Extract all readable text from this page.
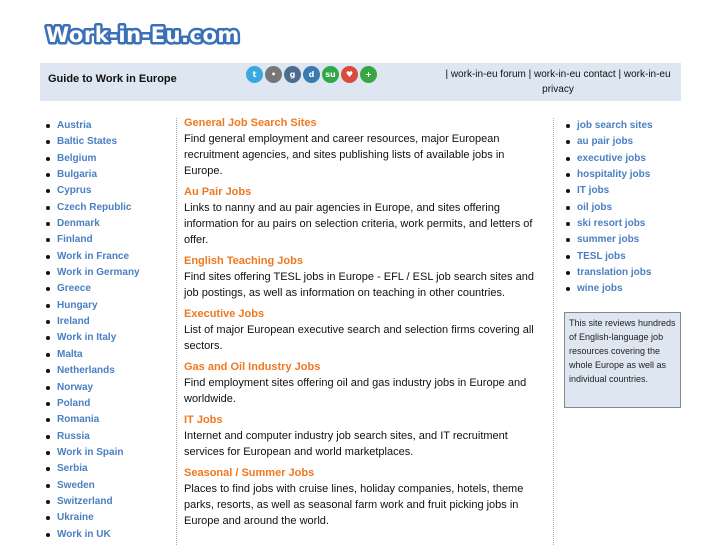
Work-in-Eu.com
Guide to Work in Europe	t	•	g	d	su	♥	+	| work-in-eu forum | work-in-eu contact | work-in-eu
privacy
Austria
Baltic States
Belgium
Bulgaria
Cyprus
Czech Republic
Denmark
Finland
Work in France
Work in Germany
Greece
Hungary
Ireland
Work in Italy
Malta
Netherlands
Norway
Poland
Romania
Russia
Work in Spain
Serbia
Sweden
Switzerland
Ukraine
Work in UK
General Job Search Sites

Find general employment and career resources, major European recruitment agencies, and sites publishing lists of available jobs in Europe.

Au Pair Jobs

Links to nanny and au pair agencies in Europe, and sites offering information for au pairs on selection criteria, work permits, and letters of offer.

English Teaching Jobs

Find sites offering TESL jobs in Europe - EFL / ESL job search sites and job postings, as well as information on teaching in other countries.

Executive Jobs

List of major European executive search and selection firms covering all sectors.

Gas and Oil Industry Jobs

Find employment sites offering oil and gas industry jobs in Europe and worldwide.

IT Jobs

Internet and computer industry job search sites, and IT recruitment services for European and world marketplaces.

Seasonal / Summer Jobs

Places to find jobs with cruise lines, holiday companies, hotels, theme parks, resorts, as well as seasonal farm work and fruit picking jobs in Europe and around the world.

job search sites
au pair jobs
executive jobs
hospitality jobs
IT jobs
oil jobs
ski resort jobs
summer jobs
TESL jobs
translation jobs
wine jobs
This site reviews hundreds of English-language job resources covering the whole Europe as well as individual countries.
